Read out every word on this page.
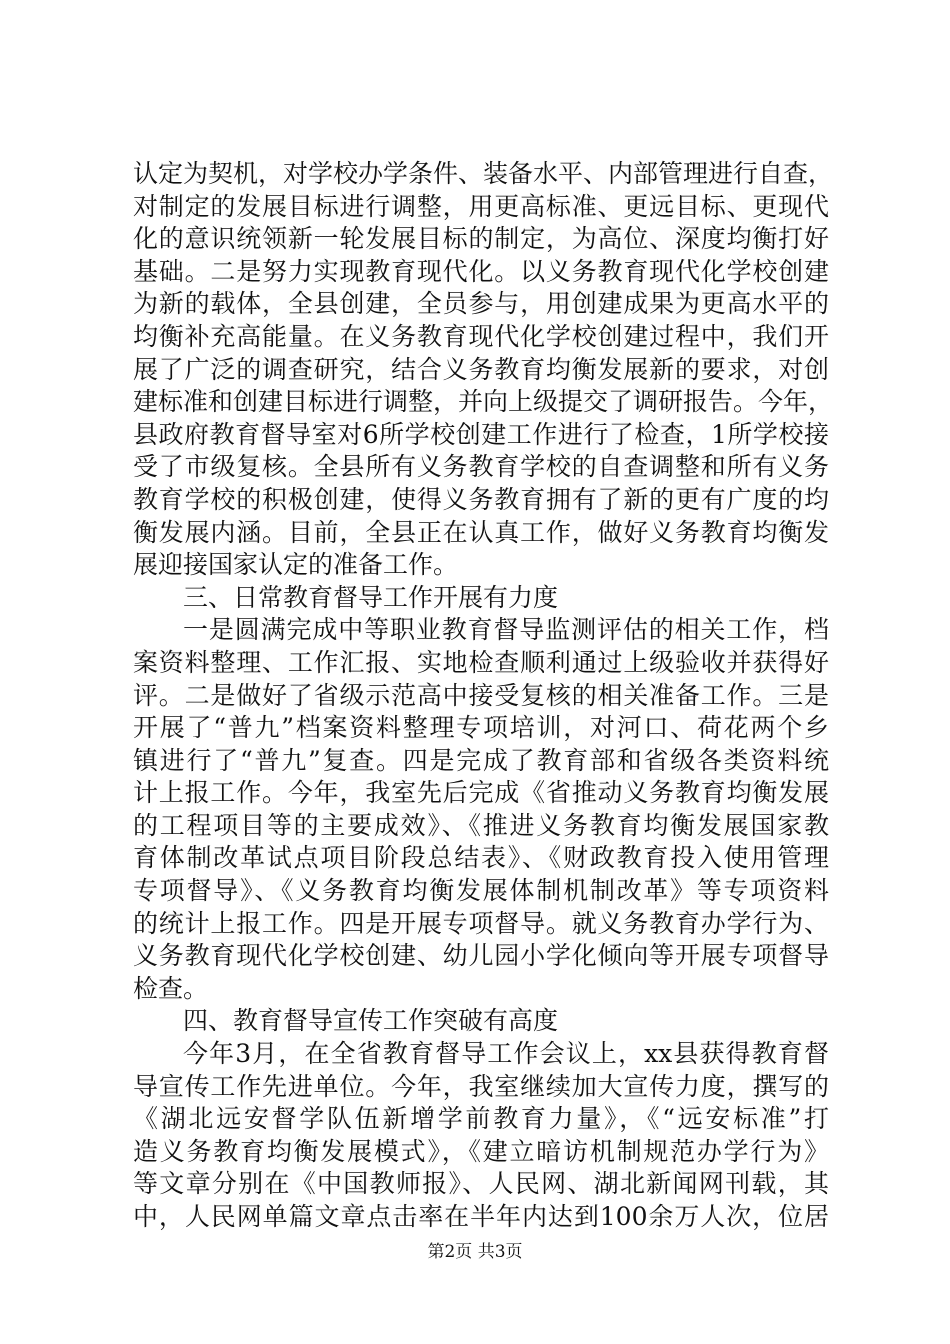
认定为契机，对学校办学条件、装备水平、内部管理进行自查，
对制定的发展目标进行调整，用更高标准、更远目标、更现代
化的意识统领新一轮发展目标的制定，为高位、深度均衡打好
基础。二是努力实现教育现代化。以义务教育现代化学校创建
为新的载体，全县创建，全员参与，用创建成果为更高水平的
均衡补充高能量。在义务教育现代化学校创建过程中，我们开
展了广泛的调查研究，结合义务教育均衡发展新的要求，对创
建标准和创建目标进行调整，并向上级提交了调研报告。今年，
县政府教育督导室对6所学校创建工作进行了检查，1所学校接
受了市级复核。全县所有义务教育学校的自查调整和所有义务
教育学校的积极创建，使得义务教育拥有了新的更有广度的均
衡发展内涵。目前，全县正在认真工作，做好义务教育均衡发
展迎接国家认定的准备工作。
三、日常教育督导工作开展有力度
一是圆满完成中等职业教育督导监测评估的相关工作，档
案资料整理、工作汇报、实地检查顺利通过上级验收并获得好
评。二是做好了省级示范高中接受复核的相关准备工作。三是
开展了“普九”档案资料整理专项培训，对河口、荷花两个乡
镇进行了“普九”复查。四是完成了教育部和省级各类资料统
计上报工作。今年，我室先后完成《省推动义务教育均衡发展
的工程项目等的主要成效》、《推进义务教育均衡发展国家教
育体制改革试点项目阶段总结表》、《财政教育投入使用管理
专项督导》、《义务教育均衡发展体制机制改革》等专项资料
的统计上报工作。四是开展专项督导。就义务教育办学行为、
义务教育现代化学校创建、幼儿园小学化倾向等开展专项督导
检查。
四、教育督导宣传工作突破有高度
今年3月，在全省教育督导工作会议上，xx县获得教育督
导宣传工作先进单位。今年，我室继续加大宣传力度，撰写的
《湖北远安督学队伍新增学前教育力量》，《“远安标准”打
造义务教育均衡发展模式》，《建立暗访机制规范办学行为》
等文章分别在《中国教师报》、人民网、湖北新闻网刊载，其
中，人民网单篇文章点击率在半年内达到100余万人次，位居
第2页 共3页
